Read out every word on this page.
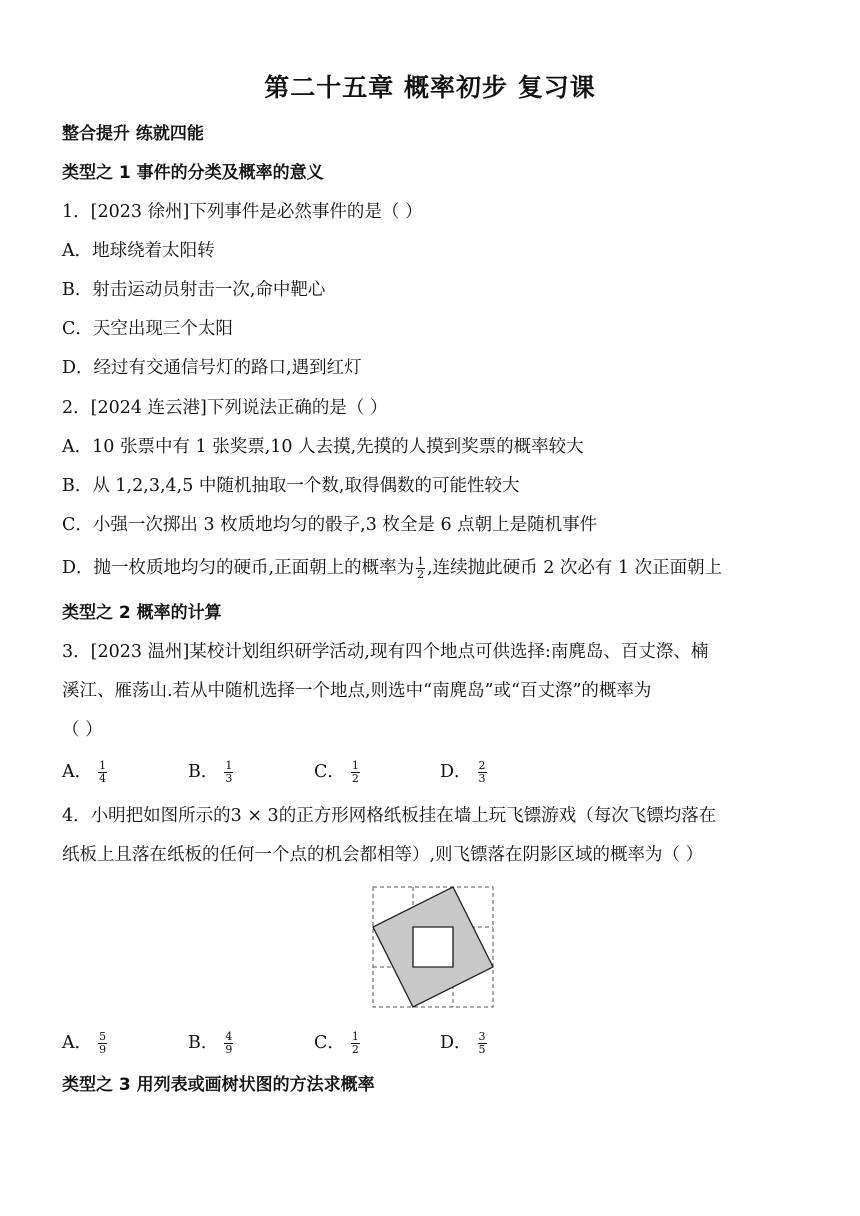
第二十五章 概率初步 复习课
整合提升 练就四能
类型之 1 事件的分类及概率的意义
1．[2023 徐州]下列事件是必然事件的是（ ）
A．地球绕着太阳转
B．射击运动员射击一次,命中靶心
C．天空出现三个太阳
D．经过有交通信号灯的路口,遇到红灯
2．[2024 连云港]下列说法正确的是（ ）
A．10 张票中有 1 张奖票,10 人去摸,先摸的人摸到奖票的概率较大
B．从 1,2,3,4,5 中随机抽取一个数,取得偶数的可能性较大
C．小强一次掷出 3 枚质地均匀的骰子,3 枚全是 6 点朝上是随机事件
D．抛一枚质地均匀的硬币,正面朝上的概率为 $\frac{1}{2}$ ,连续抛此硬币 2 次必有 1 次正面朝上
类型之 2 概率的计算
3．[2023 温州]某校计划组织研学活动,现有四个地点可供选择:南麂岛、百丈漈、楠
溪江、雁荡山.若从中随机选择一个地点,则选中“南麂岛”或“百丈漈”的概率为
（ ）
A． $\frac{1}{4}$	B． $\frac{1}{3}$	C． $\frac{1}{2}$	D． $\frac{2}{3}$
4．小明把如图所示的3 × 3的正方形网格纸板挂在墙上玩飞镖游戏（每次飞镖均落在
纸板上且落在纸板的任何一个点的机会都相等）,则飞镖落在阴影区域的概率为（ ）
A． $\frac{5}{9}$	B． $\frac{4}{9}$	C． $\frac{1}{2}$	D． $\frac{3}{5}$
类型之 3 用列表或画树状图的方法求概率
